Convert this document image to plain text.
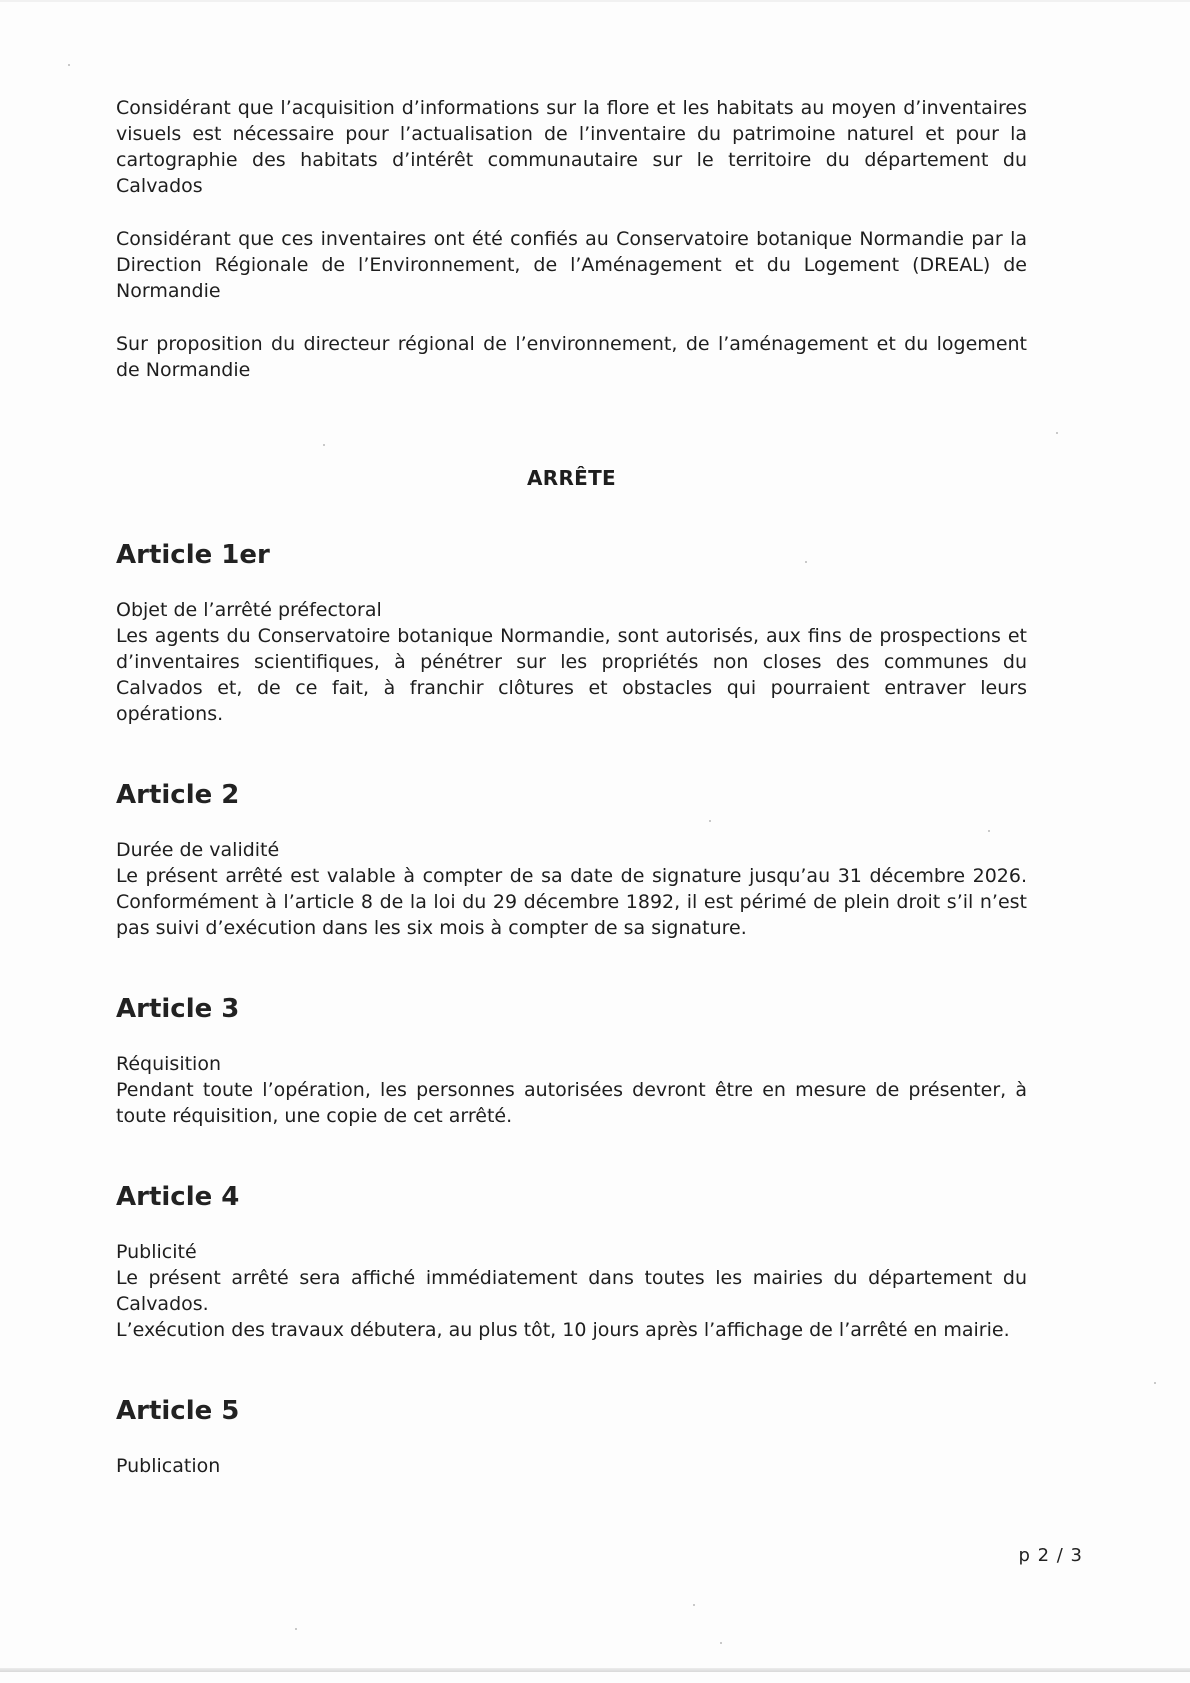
Considérant que l’acquisition d’informations sur la flore et les habitats au moyen d’inventaires visuels est nécessaire pour l’actualisation de l’inventaire du patrimoine naturel et pour la cartographie des habitats d’intérêt communautaire sur le territoire du département du Calvados

Considérant que ces inventaires ont été confiés au Conservatoire botanique Normandie par la Direction Régionale de l’Environnement, de l’Aménagement et du Logement (DREAL) de Normandie

Sur proposition du directeur régional de l’environnement, de l’aménagement et du logement de Normandie

ARRÊTE
Article 1er
Objet de l’arrêté préfectoral

Les agents du Conservatoire botanique Normandie, sont autorisés, aux fins de prospections et d’inventaires scientifiques, à pénétrer sur les propriétés non closes des communes du Calvados et, de ce fait, à franchir clôtures et obstacles qui pourraient entraver leurs opérations.

Article 2
Durée de validité

Le présent arrêté est valable à compter de sa date de signature jusqu’au 31 décembre 2026. Conformément à l’article 8 de la loi du 29 décembre 1892, il est périmé de plein droit s’il n’est pas suivi d’exécution dans les six mois à compter de sa signature.

Article 3
Réquisition

Pendant toute l’opération, les personnes autorisées devront être en mesure de présenter, à toute réquisition, une copie de cet arrêté.

Article 4
Publicité

Le présent arrêté sera affiché immédiatement dans toutes les mairies du département du Calvados.

L’exécution des travaux débutera, au plus tôt, 10 jours après l’affichage de l’arrêté en mairie.

Article 5
Publication
p 2 / 3
